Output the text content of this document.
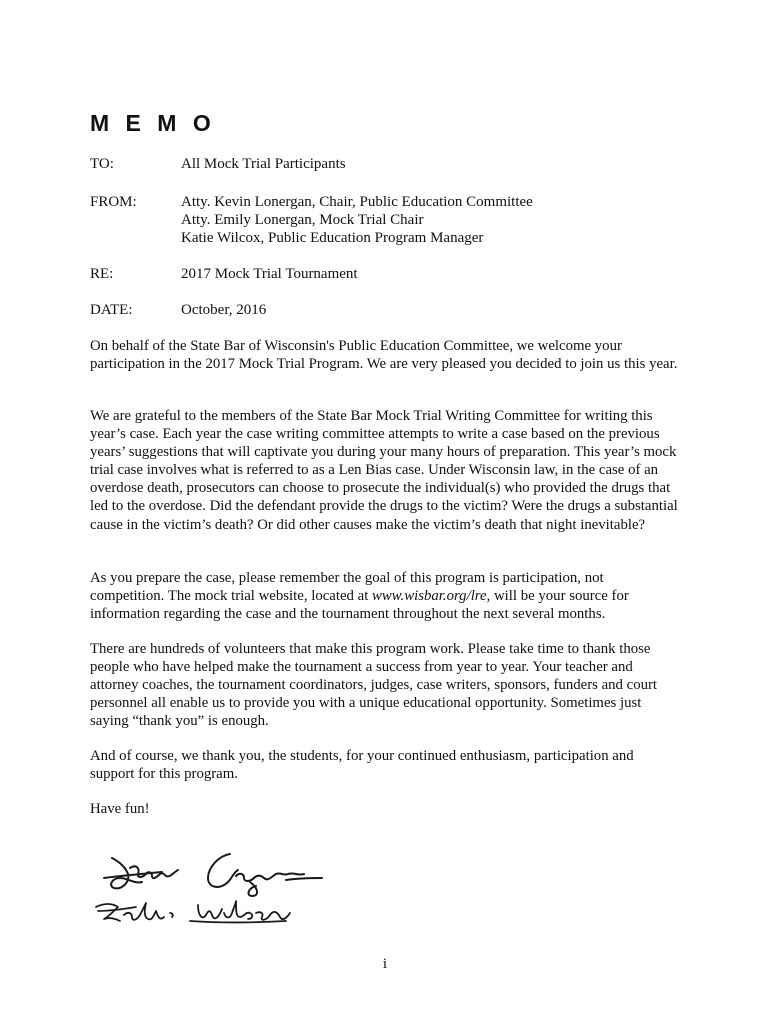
M E M O
TO:	All Mock Trial Participants
FROM:	Atty. Kevin Lonergan, Chair, Public Education Committee
Atty. Emily Lonergan, Mock Trial Chair
Katie Wilcox, Public Education Program Manager
RE:	2017 Mock Trial Tournament
DATE:	October, 2016

On behalf of the State Bar of Wisconsin's Public Education Committee, we welcome your participation in the 2017 Mock Trial Program. We are very pleased you decided to join us this year.

We are grateful to the members of the State Bar Mock Trial Writing Committee for writing this year’s case. Each year the case writing committee attempts to write a case based on the previous years’ suggestions that will captivate you during your many hours of preparation. This year’s mock trial case involves what is referred to as a Len Bias case. Under Wisconsin law, in the case of an overdose death, prosecutors can choose to prosecute the individual(s) who provided the drugs that led to the overdose. Did the defendant provide the drugs to the victim? Were the drugs a substantial cause in the victim’s death? Or did other causes make the victim’s death that night inevitable?

As you prepare the case, please remember the goal of this program is participation, not competition. The mock trial website, located at www.wisbar.org/lre, will be your source for information regarding the case and the tournament throughout the next several months.

There are hundreds of volunteers that make this program work. Please take time to thank those people who have helped make the tournament a success from year to year. Your teacher and attorney coaches, the tournament coordinators, judges, case writers, sponsors, funders and court personnel all enable us to provide you with a unique educational opportunity. Sometimes just saying “thank you” is enough.

And of course, we thank you, the students, for your continued enthusiasm, participation and support for this program.

Have fun!

i
